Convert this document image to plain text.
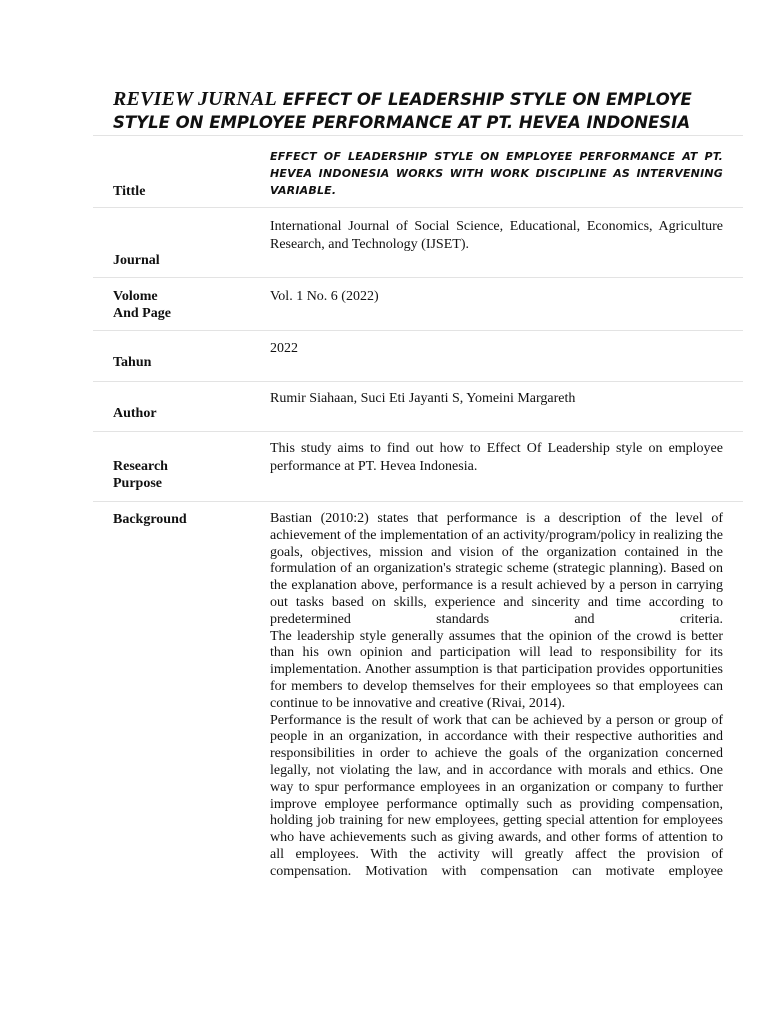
REVIEW JURNAL EFFECT OF LEADERSHIP STYLE ON EMPLOYE
STYLE ON EMPLOYEE PERFORMANCE AT PT. HEVEA INDONESIA
Tittle	EFFECT OF LEADERSHIP STYLE ON EMPLOYEE PERFORMANCE AT PT. HEVEA INDONESIA WORKS WITH WORK DISCIPLINE AS INTERVENING VARIABLE.

Journal	International Journal of Social Science, Educational, Economics, Agriculture Research, and Technology (IJSET).

Volome
And Page	Vol. 1 No. 6 (2022)

Tahun	2022

Author	Rumir Siahaan, Suci Eti Jayanti S, Yomeini Margareth

Research
Purpose	This study aims to find out how to Effect Of Leadership style on employee performance at PT. Hevea Indonesia.

Background	Bastian (2010:2) states that performance is a description of the level of achievement of the implementation of an activity/program/policy in realizing the goals, objectives, mission and vision of the organization contained in the formulation of an organization's strategic scheme (strategic planning). Based on the explanation above, performance is a result achieved by a person in carrying out tasks based on skills, experience and sincerity and time according to predetermined standards and criteria.
The leadership style generally assumes that the opinion of the crowd is better than his own opinion and participation will lead to responsibility for its implementation. Another assumption is that participation provides opportunities for members to develop themselves for their employees so that employees can continue to be innovative and creative (Rivai, 2014).
Performance is the result of work that can be achieved by a person or group of people in an organization, in accordance with their respective authorities and responsibilities in order to achieve the goals of the organization concerned legally, not violating the law, and in accordance with morals and ethics. One way to spur performance employees in an organization or company to further improve employee performance optimally such as providing compensation, holding job training for new employees, getting special attention for employees who have achievements such as giving awards, and other forms of attention to all employees. With the activity will greatly affect the provision of compensation. Motivation with compensation can motivate employee
